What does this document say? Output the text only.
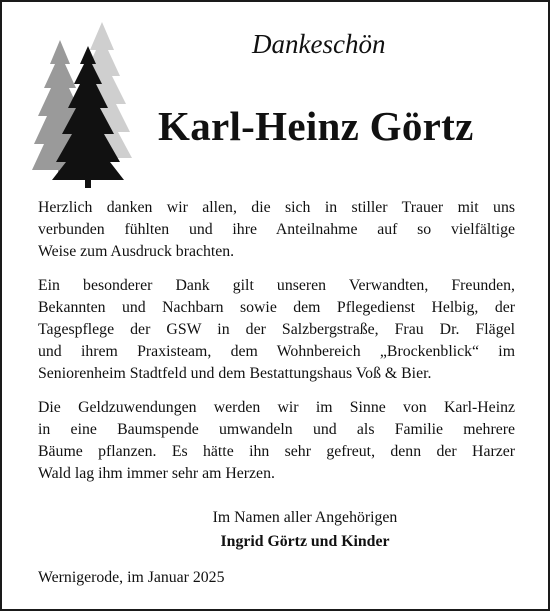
Dankeschön
Karl-Heinz Görtz

Herzlich danken wir allen, die sich in stiller Trauer mit uns
verbunden fühlten und ihre Anteilnahme auf so vielfältige
Weise zum Ausdruck brachten.

Ein besonderer Dank gilt unseren Verwandten, Freunden,
Bekannten und Nachbarn sowie dem Pflegedienst Helbig, der
Tagespflege der GSW in der Salzbergstraße, Frau Dr. Flägel
und ihrem Praxisteam, dem Wohnbereich „Brockenblick“ im
Seniorenheim Stadtfeld und dem Bestattungshaus Voß & Bier.

Die Geldzuwendungen werden wir im Sinne von Karl-Heinz
in eine Baumspende umwandeln und als Familie mehrere
Bäume pflanzen. Es hätte ihn sehr gefreut, denn der Harzer
Wald lag ihm immer sehr am Herzen.

Im Namen aller Angehörigen
Ingrid Görtz und Kinder
Wernigerode, im Januar 2025
